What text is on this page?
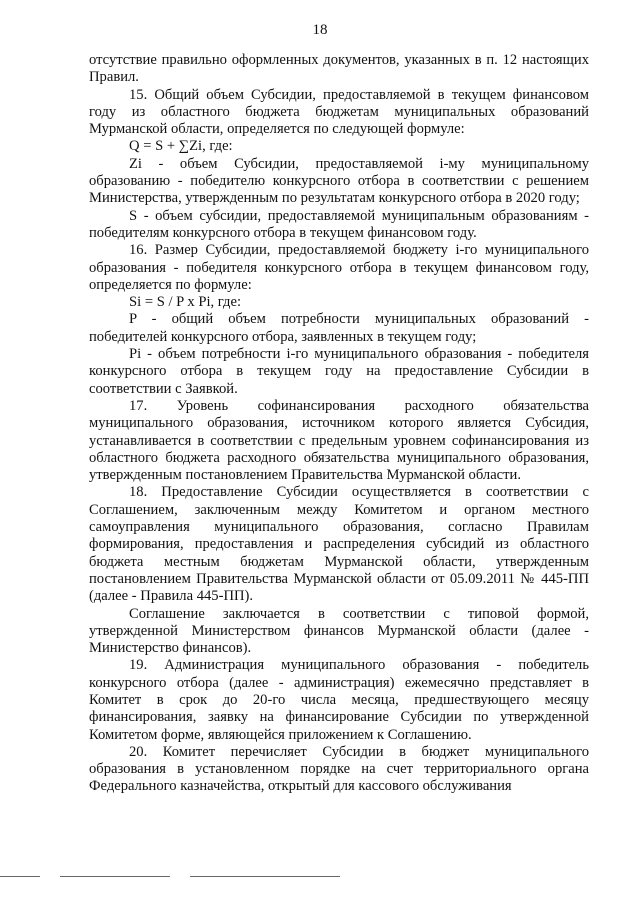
18

отсутствие правильно оформленных документов, указанных в п. 12 настоящих Правил.

15. Общий объем Субсидии, предоставляемой в текущем финансовом году из областного бюджета бюджетам муниципальных образований Мурманской области, определяется по следующей формуле:

Q = S + ∑Zi, где:

Zi - объем Субсидии, предоставляемой i-му муниципальному образованию - победителю конкурсного отбора в соответствии с решением Министерства, утвержденным по результатам конкурсного отбора в 2020 году;

S - объем субсидии, предоставляемой муниципальным образованиям - победителям конкурсного отбора в текущем финансовом году.

16. Размер Субсидии, предоставляемой бюджету i-го муниципального образования - победителя конкурсного отбора в текущем финансовом году, определяется по формуле:

Si = S / P x Pi, где:

P - общий объем потребности муниципальных образований - победителей конкурсного отбора, заявленных в текущем году;

Pi - объем потребности i-го муниципального образования - победителя конкурсного отбора в текущем году на предоставление Субсидии в соответствии с Заявкой.

17. Уровень софинансирования расходного обязательства муниципального образования, источником которого является Субсидия, устанавливается в соответствии с предельным уровнем софинансирования из областного бюджета расходного обязательства муниципального образования, утвержденным постановлением Правительства Мурманской области.

18. Предоставление Субсидии осуществляется в соответствии с Соглашением, заключенным между Комитетом и органом местного самоуправления муниципального образования, согласно Правилам формирования, предоставления и распределения субсидий из областного бюджета местным бюджетам Мурманской области, утвержденным постановлением Правительства Мурманской области от 05.09.2011 № 445-ПП (далее - Правила 445-ПП).

Соглашение заключается в соответствии с типовой формой, утвержденной Министерством финансов Мурманской области (далее - Министерство финансов).

19. Администрация муниципального образования - победитель конкурсного отбора (далее - администрация) ежемесячно представляет в Комитет в срок до 20-го числа месяца, предшествующего месяцу финансирования, заявку на финансирование Субсидии по утвержденной Комитетом форме, являющейся приложением к Соглашению.

20. Комитет перечисляет Субсидии в бюджет муниципального образования в установленном порядке на счет территориального органа Федерального казначейства, открытый для кассового обслуживания
